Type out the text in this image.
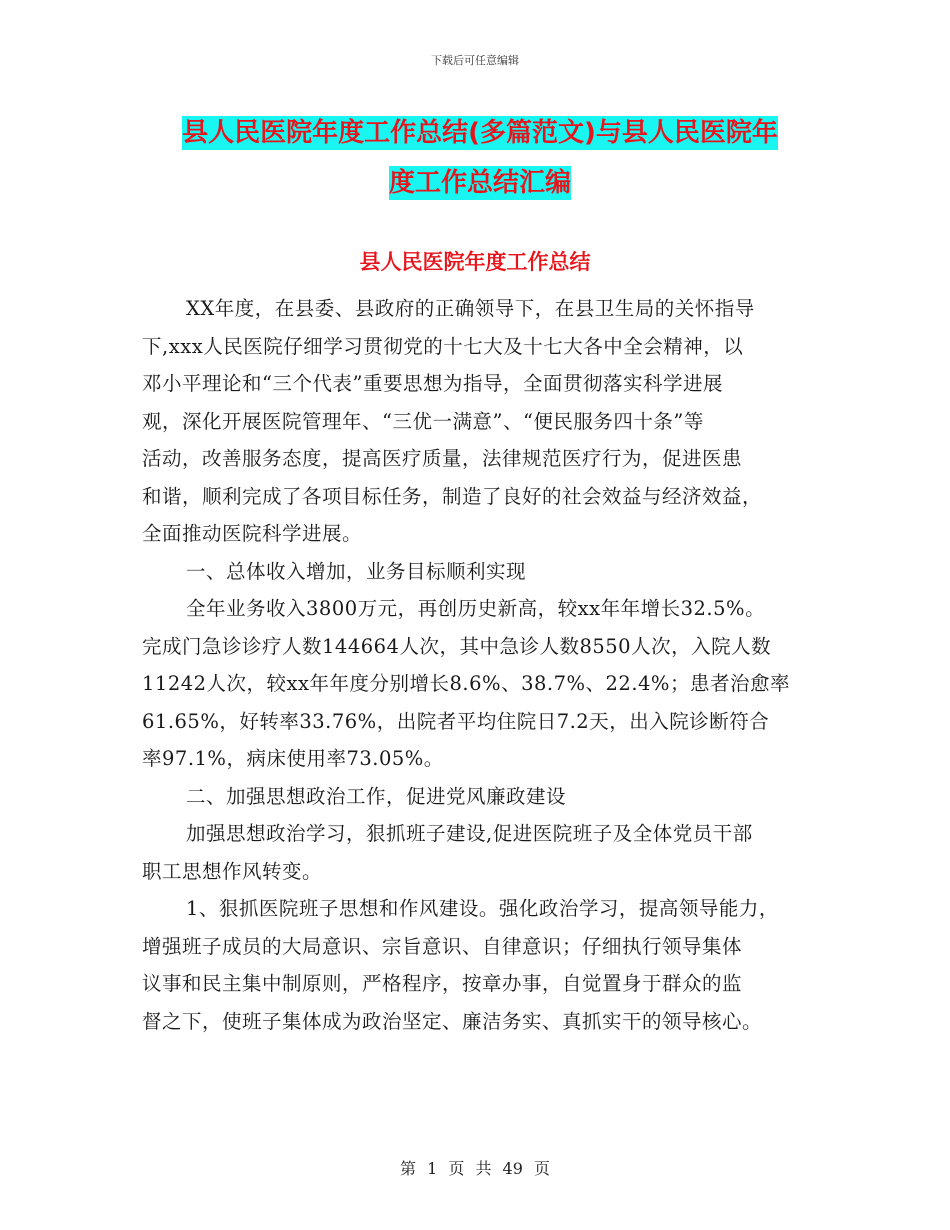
下载后可任意编辑
县人民医院年度工作总结(多篇范文)与县人民医院年
度工作总结汇编
县人民医院年度工作总结
XX年度，在县委、县政府的正确领导下，在县卫生局的关怀指导
下,xxx人民医院仔细学习贯彻党的十七大及十七大各中全会精神，以
邓小平理论和“三个代表”重要思想为指导，全面贯彻落实科学进展
观，深化开展医院管理年、“三优一满意”、“便民服务四十条”等
活动，改善服务态度，提高医疗质量，法律规范医疗行为，促进医患
和谐，顺利完成了各项目标任务，制造了良好的社会效益与经济效益，
全面推动医院科学进展。
一、总体收入增加，业务目标顺利实现
全年业务收入3800万元，再创历史新高，较xx年年增长32.5%。
完成门急诊诊疗人数144664人次，其中急诊人数8550人次，入院人数
11242人次，较xx年年度分别增长8.6%、38.7%、22.4%；患者治愈率
61.65%，好转率33.76%，出院者平均住院日7.2天，出入院诊断符合
率97.1%，病床使用率73.05%。
二、加强思想政治工作，促进党风廉政建设
加强思想政治学习，狠抓班子建设,促进医院班子及全体党员干部
职工思想作风转变。
1、狠抓医院班子思想和作风建设。强化政治学习，提高领导能力，
增强班子成员的大局意识、宗旨意识、自律意识；仔细执行领导集体
议事和民主集中制原则，严格程序，按章办事，自觉置身于群众的监
督之下，使班子集体成为政治坚定、廉洁务实、真抓实干的领导核心。
第 1 页 共 49 页
